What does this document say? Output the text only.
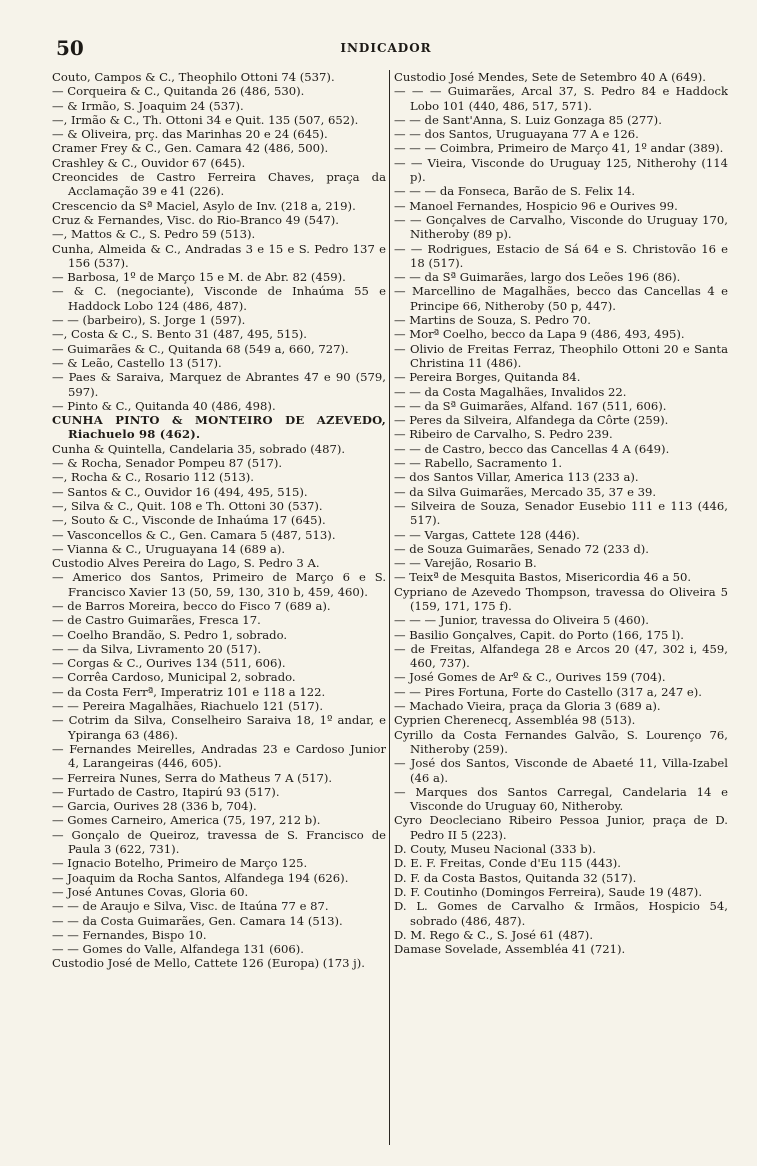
50	INDICADOR

Couto, Campos & C., Theophilo Ottoni 74 (537).

— Corqueira & C., Quitanda 26 (486, 530).

— & Irmão, S. Joaquim 24 (537).

—, Irmão & C., Th. Ottoni 34 e Quit. 135 (507, 652).

— & Oliveira, prç. das Marinhas 20 e 24 (645).

Cramer Frey & C., Gen. Camara 42 (486, 500).

Crashley & C., Ouvidor 67 (645).

Creoncides de Castro Ferreira Chaves, praça da Acclamação 39 e 41 (226).

Crescencio da Sª Maciel, Asylo de Inv. (218 a, 219).

Cruz & Fernandes, Visc. do Rio-Branco 49 (547).

—, Mattos & C., S. Pedro 59 (513).

Cunha, Almeida & C., Andradas 3 e 15 e S. Pedro 137 e 156 (537).

— Barbosa, 1º de Março 15 e M. de Abr. 82 (459).

— & C. (negociante), Visconde de Inhaúma 55 e Haddock Lobo 124 (486, 487).

— — (barbeiro), S. Jorge 1 (597).

—, Costa & C., S. Bento 31 (487, 495, 515).

— Guimarães & C., Quitanda 68 (549 a, 660, 727).

— & Leão, Castello 13 (517).

— Paes & Saraiva, Marquez de Abrantes 47 e 90 (579, 597).

— Pinto & C., Quitanda 40 (486, 498).

CUNHA PINTO & MONTEIRO DE AZEVEDO, Riachuelo 98 (462).

Cunha & Quintella, Candelaria 35, sobrado (487).

— & Rocha, Senador Pompeu 87 (517).

—, Rocha & C., Rosario 112 (513).

— Santos & C., Ouvidor 16 (494, 495, 515).

—, Silva & C., Quit. 108 e Th. Ottoni 30 (537).

—, Souto & C., Visconde de Inhaúma 17 (645).

— Vasconcellos & C., Gen. Camara 5 (487, 513).

— Vianna & C., Uruguayana 14 (689 a).

Custodio Alves Pereira do Lago, S. Pedro 3 A.

— Americo dos Santos, Primeiro de Março 6 e S. Francisco Xavier 13 (50, 59, 130, 310 b, 459, 460).

— de Barros Moreira, becco do Fisco 7 (689 a).

— de Castro Guimarães, Fresca 17.

— Coelho Brandão, S. Pedro 1, sobrado.

— — da Silva, Livramento 20 (517).

— Corgas & C., Ourives 134 (511, 606).

— Corrêa Cardoso, Municipal 2, sobrado.

— da Costa Ferrª, Imperatriz 101 e 118 a 122.

— — Pereira Magalhães, Riachuelo 121 (517).

— Cotrim da Silva, Conselheiro Saraiva 18, 1º andar, e Ypiranga 63 (486).

— Fernandes Meirelles, Andradas 23 e Cardoso Junior 4, Larangeiras (446, 605).

— Ferreira Nunes, Serra do Matheus 7 A (517).

— Furtado de Castro, Itapirú 93 (517).

— Garcia, Ourives 28 (336 b, 704).

— Gomes Carneiro, America (75, 197, 212 b).

— Gonçalo de Queiroz, travessa de S. Francisco de Paula 3 (622, 731).

— Ignacio Botelho, Primeiro de Março 125.

— Joaquim da Rocha Santos, Alfandega 194 (626).

— José Antunes Covas, Gloria 60.

— — de Araujo e Silva, Visc. de Itaúna 77 e 87.

— — da Costa Guimarães, Gen. Camara 14 (513).

— — Fernandes, Bispo 10.

— — Gomes do Valle, Alfandega 131 (606).

Custodio José de Mello, Cattete 126 (Europa) (173 j).

Custodio José Mendes, Sete de Setembro 40 A (649).

— — — Guimarães, Arcal 37, S. Pedro 84 e Haddock Lobo 101 (440, 486, 517, 571).

— — de Sant'Anna, S. Luiz Gonzaga 85 (277).

— — dos Santos, Uruguayana 77 A e 126.

— — — Coimbra, Primeiro de Março 41, 1º andar (389).

— — Vieira, Visconde do Uruguay 125, Nitherohy (114 p).

— — — da Fonseca, Barão de S. Felix 14.

— Manoel Fernandes, Hospicio 96 e Ourives 99.

— — Gonçalves de Carvalho, Visconde do Uruguay 170, Nitheroby (89 p).

— — Rodrigues, Estacio de Sá 64 e S. Christovão 16 e 18 (517).

— — da Sª Guimarães, largo dos Leões 196 (86).

— Marcellino de Magalhães, becco das Cancellas 4 e Principe 66, Nitheroby (50 p, 447).

— Martins de Souza, S. Pedro 70.

— Morª Coelho, becco da Lapa 9 (486, 493, 495).

— Olivio de Freitas Ferraz, Theophilo Ottoni 20 e Santa Christina 11 (486).

— Pereira Borges, Quitanda 84.

— — da Costa Magalhães, Invalidos 22.

— — da Sª Guimarães, Alfand. 167 (511, 606).

— Peres da Silveira, Alfandega da Côrte (259).

— Ribeiro de Carvalho, S. Pedro 239.

— — de Castro, becco das Cancellas 4 A (649).

— — Rabello, Sacramento 1.

— dos Santos Villar, America 113 (233 a).

— da Silva Guimarães, Mercado 35, 37 e 39.

— Silveira de Souza, Senador Eusebio 111 e 113 (446, 517).

— — Vargas, Cattete 128 (446).

— de Souza Guimarães, Senado 72 (233 d).

— — Varejão, Rosario B.

— Teixª de Mesquita Bastos, Misericordia 46 a 50.

Cypriano de Azevedo Thompson, travessa do Oliveira 5 (159, 171, 175 f).

— — — Junior, travessa do Oliveira 5 (460).

— Basilio Gonçalves, Capit. do Porto (166, 175 l).

— de Freitas, Alfandega 28 e Arcos 20 (47, 302 i, 459, 460, 737).

— José Gomes de Arº & C., Ourives 159 (704).

— — Pires Fortuna, Forte do Castello (317 a, 247 e).

— Machado Vieira, praça da Gloria 3 (689 a).

Cyprien Cherenecq, Assembléa 98 (513).

Cyrillo da Costa Fernandes Galvão, S. Lourenço 76, Nitheroby (259).

— José dos Santos, Visconde de Abaeté 11, Villa-Izabel (46 a).

— Marques dos Santos Carregal, Candelaria 14 e Visconde do Uruguay 60, Nitheroby.

Cyro Deocleciano Ribeiro Pessoa Junior, praça de D. Pedro II 5 (223).

D. Couty, Museu Nacional (333 b).

D. E. F. Freitas, Conde d'Eu 115 (443).

D. F. da Costa Bastos, Quitanda 32 (517).

D. F. Coutinho (Domingos Ferreira), Saude 19 (487).

D. L. Gomes de Carvalho & Irmãos, Hospicio 54, sobrado (486, 487).

D. M. Rego & C., S. José 61 (487).

Damase Sovelade, Assembléa 41 (721).
